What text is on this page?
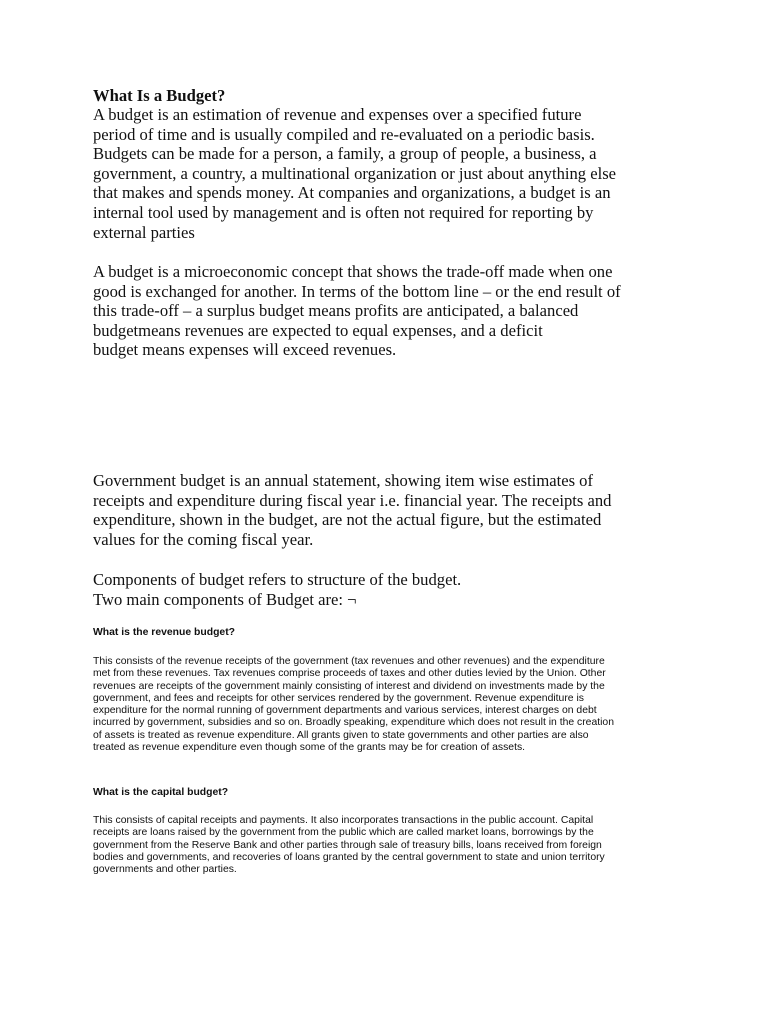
What Is a Budget?
A budget is an estimation of revenue and expenses over a specified future
period of time and is usually compiled and re-evaluated on a periodic basis.
Budgets can be made for a person, a family, a group of people, a business, a
government, a country, a multinational organization or just about anything else
that makes and spends money. At companies and organizations, a budget is an
internal tool used by management and is often not required for reporting by
external parties
A budget is a microeconomic concept that shows the trade-off made when one
good is exchanged for another. In terms of the bottom line – or the end result of
this trade-off – a surplus budget means profits are anticipated, a balanced
budgetmeans revenues are expected to equal expenses, and a deficit
budget means expenses will exceed revenues.
Government budget is an annual statement, showing item wise estimates of
receipts and expenditure during fiscal year i.e. financial year. The receipts and
expenditure, shown in the budget, are not the actual figure, but the estimated
values for the coming fiscal year.
Components of budget refers to structure of the budget.
Two main components of Budget are: ¬
What is the revenue budget?
This consists of the revenue receipts of the government (tax revenues and other revenues) and the expenditure
met from these revenues. Tax revenues comprise proceeds of taxes and other duties levied by the Union. Other
revenues are receipts of the government mainly consisting of interest and dividend on investments made by the
government, and fees and receipts for other services rendered by the government. Revenue expenditure is
expenditure for the normal running of government departments and various services, interest charges on debt
incurred by government, subsidies and so on. Broadly speaking, expenditure which does not result in the creation
of assets is treated as revenue expenditure. All grants given to state governments and other parties are also
treated as revenue expenditure even though some of the grants may be for creation of assets.
What is the capital budget?
This consists of capital receipts and payments. It also incorporates transactions in the public account. Capital
receipts are loans raised by the government from the public which are called market loans, borrowings by the
government from the Reserve Bank and other parties through sale of treasury bills, loans received from foreign
bodies and governments, and recoveries of loans granted by the central government to state and union territory
governments and other parties.
